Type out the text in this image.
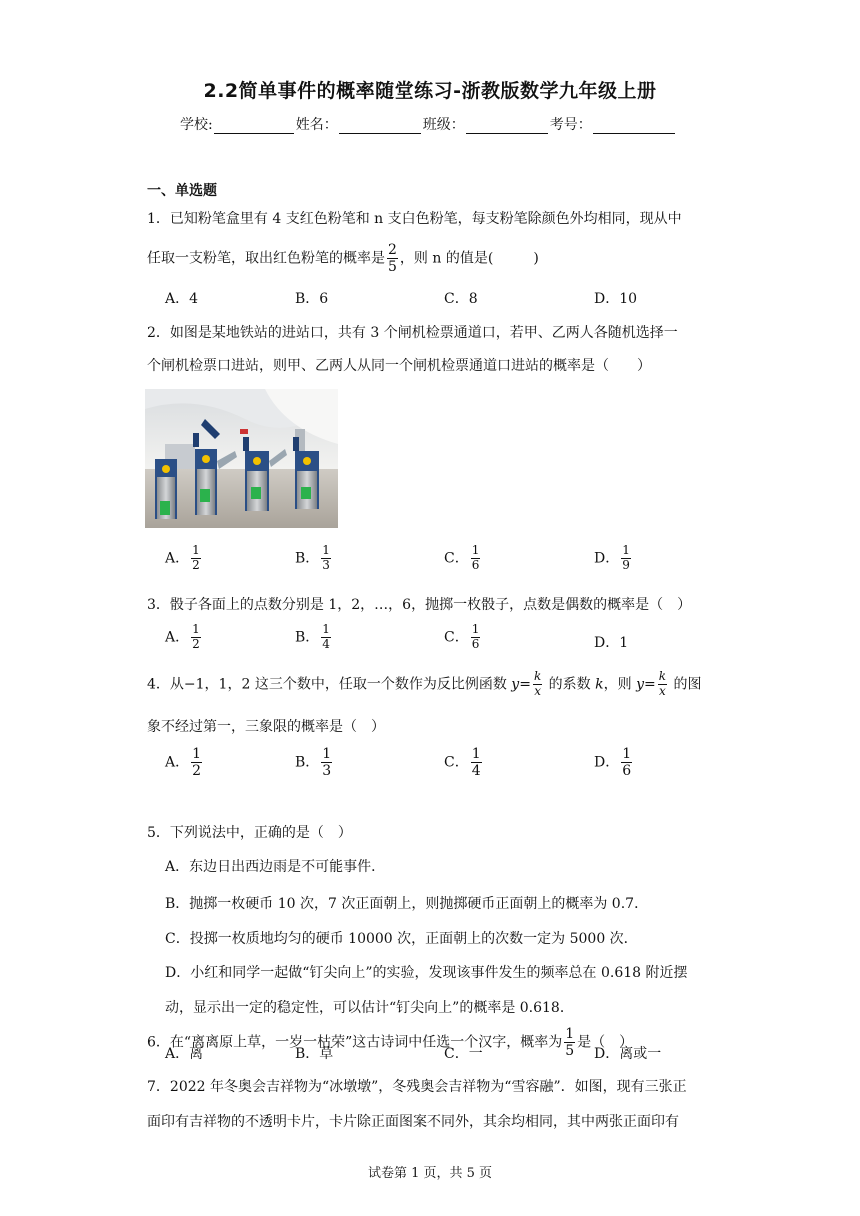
2.2简单事件的概率随堂练习-浙教版数学九年级上册
学校:	姓名：	班级：	考号：
一、单选题
1．已知粉笔盒里有 4 支红色粉笔和 n 支白色粉笔，每支粉笔除颜色外均相同，现从中
任取一支粉笔，取出红色粉笔的概率是 $\frac{2}{5}$ ，则 n 的值是(	)
A．4	B．6	C．8	D．10
2．如图是某地铁站的进站口，共有 3 个闸机检票通道口，若甲、乙两人各随机选择一
个闸机检票口进站，则甲、乙两人从同一个闸机检票通道口进站的概率是（　　）
A． $\frac{1}{2}$	B． $\frac{1}{3}$	C． $\frac{1}{6}$	D． $\frac{1}{9}$
3．骰子各面上的点数分别是 1，2，…，6，抛掷一枚骰子，点数是偶数的概率是（　）
A． $\frac{1}{2}$	B． $\frac{1}{4}$	C． $\frac{1}{6}$	D．1
4．从−1，1，2 这三个数中，任取一个数作为反比例函数 $y= \frac{k}{x}$ 的系数 k，则 $y= \frac{k}{x}$ 的图
象不经过第一，三象限的概率是（　）
A． $\frac{1}{2}$	B． $\frac{1}{3}$	C． $\frac{1}{4}$	D． $\frac{1}{6}$
5．下列说法中，正确的是（　）
A．东边日出西边雨是不可能事件．
B．抛掷一枚硬币 10 次，7 次正面朝上，则抛掷硬币正面朝上的概率为 0.7．
C．投掷一枚质地均匀的硬币 10000 次，正面朝上的次数一定为 5000 次．
D．小红和同学一起做“钉尖向上”的实验，发现该事件发生的频率总在 0.618 附近摆
动，显示出一定的稳定性，可以估计“钉尖向上”的概率是 0.618．
6．在“离离原上草，一岁一枯荣”这古诗词中任选一个汉字，概率为 $\frac{1}{5}$ 是（　）
A．离	B．草	C．一	D．离或一
7．2022 年冬奥会吉祥物为“冰墩墩”，冬残奥会吉祥物为“雪容融”．如图，现有三张正
面印有吉祥物的不透明卡片，卡片除正面图案不同外，其余均相同，其中两张正面印有
试卷第 1 页，共 5 页
